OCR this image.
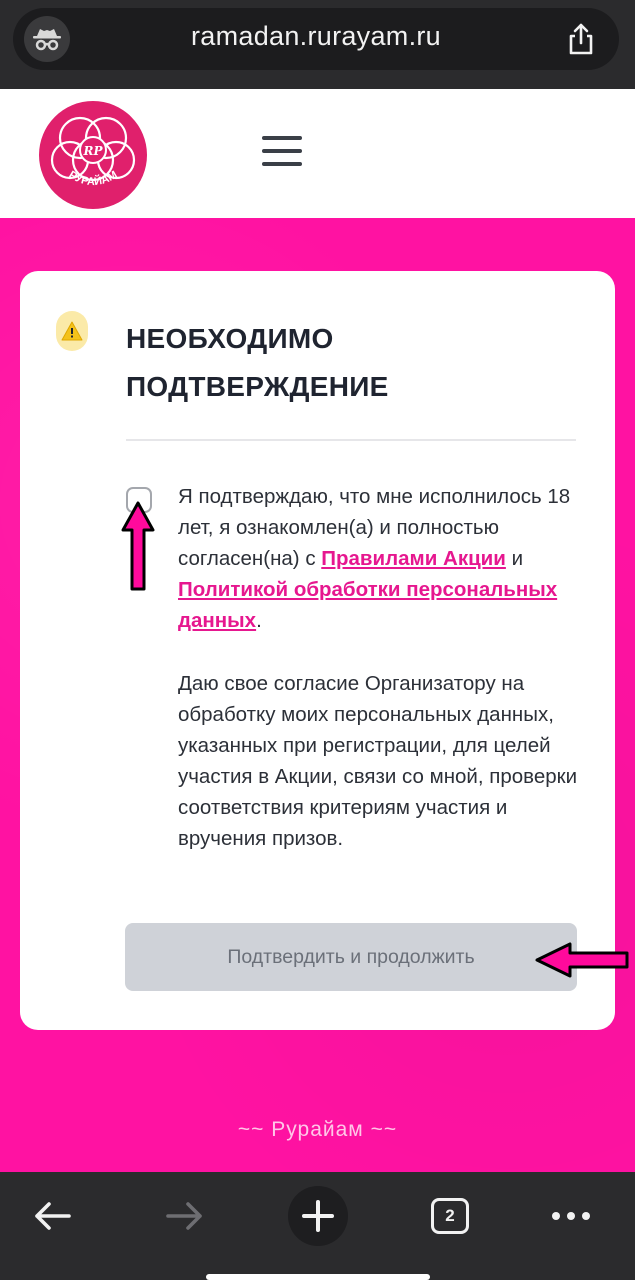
ramadan.rurayam.ru
RP
РУРАЙАМ
НЕОБХОДИМО ПОДТВЕРЖДЕНИЕ
Я подтверждаю, что мне исполнилось 18 лет, я ознакомлен(а) и полностью согласен(на) с Правилами Акции и Политикой обработки персональных данных.
Даю свое согласие Организатору на обработку моих персональных данных, указанных при регистрации, для целей участия в Акции, связи со мной, проверки соответствия критериям участия и вручения призов.
Подтвердить и продолжить
~~ Рурайам ~~
2
